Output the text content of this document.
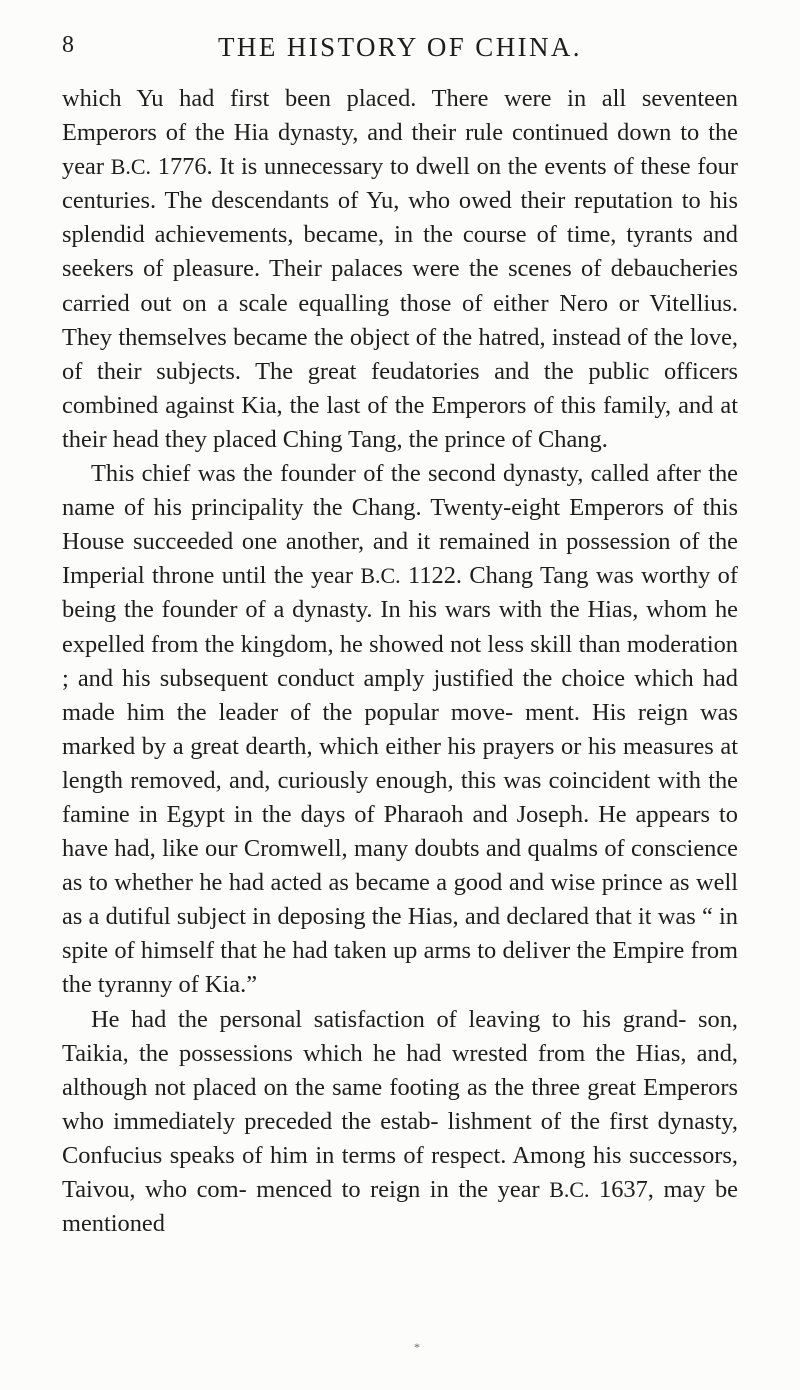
8	THE HISTORY OF CHINA.

which Yu had first been placed. There were in all seventeen Emperors of the Hia dynasty, and their rule continued down to the year B.C. 1776. It is unnecessary to dwell on the events of these four centuries. The descendants of Yu, who owed their reputation to his splendid achievements, became, in the course of time, tyrants and seekers of pleasure. Their palaces were the scenes of debaucheries carried out on a scale equalling those of either Nero or Vitellius. They themselves became the object of the hatred, instead of the love, of their subjects. The great feudatories and the public officers combined against Kia, the last of the Emperors of this family, and at their head they placed Ching Tang, the prince of Chang.

This chief was the founder of the second dynasty, called after the name of his principality the Chang. Twenty-eight Emperors of this House succeeded one another, and it remained in possession of the Imperial throne until the year B.C. 1122. Chang Tang was worthy of being the founder of a dynasty. In his wars with the Hias, whom he expelled from the kingdom, he showed not less skill than moderation ; and his subsequent conduct amply justified the choice which had made him the leader of the popular move- ment. His reign was marked by a great dearth, which either his prayers or his measures at length removed, and, curiously enough, this was coincident with the famine in Egypt in the days of Pharaoh and Joseph. He appears to have had, like our Cromwell, many doubts and qualms of conscience as to whether he had acted as became a good and wise prince as well as a dutiful subject in deposing the Hias, and declared that it was “ in spite of himself that he had taken up arms to deliver the Empire from the tyranny of Kia.”

He had the personal satisfaction of leaving to his grand- son, Taikia, the possessions which he had wrested from the Hias, and, although not placed on the same footing as the three great Emperors who immediately preceded the estab- lishment of the first dynasty, Confucius speaks of him in terms of respect. Among his successors, Taivou, who com- menced to reign in the year B.C. 1637, may be mentioned

*
